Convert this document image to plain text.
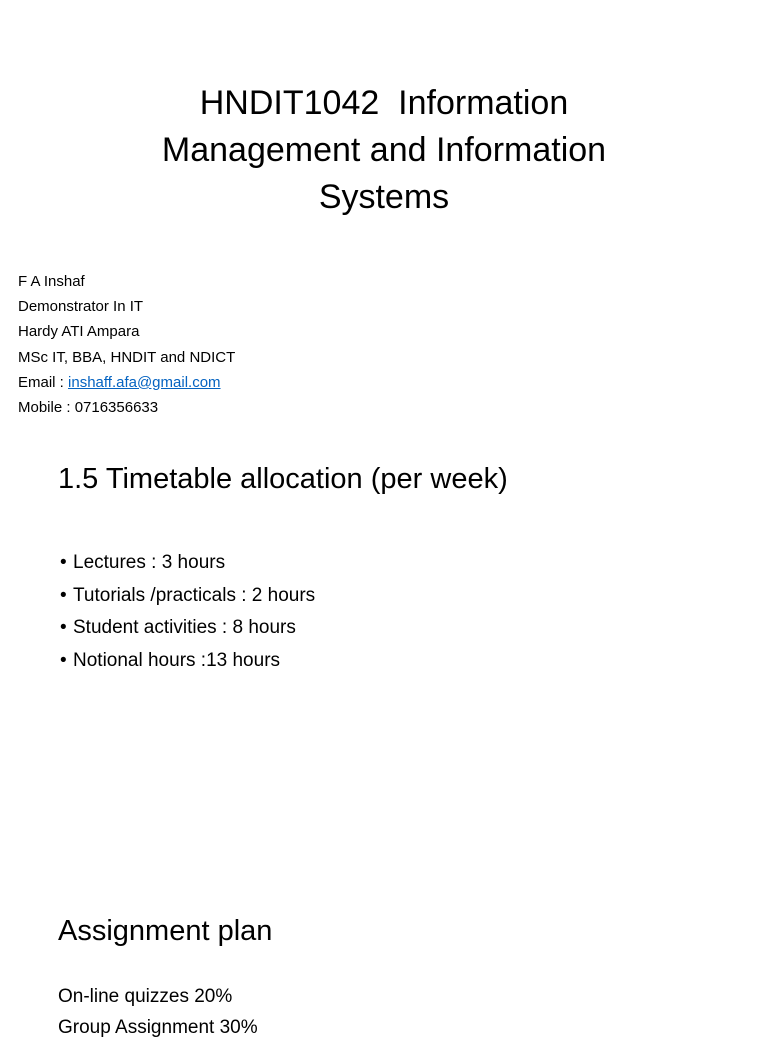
HNDIT1042  Information
Management and Information
Systems
F A Inshaf
Demonstrator In IT
Hardy ATI Ampara
MSc IT, BBA, HNDIT and NDICT
Email : inshaff.afa@gmail.com
Mobile : 0716356633
1.5 Timetable allocation (per week)
• Lectures : 3 hours
• Tutorials /practicals : 2 hours
• Student activities : 8 hours
• Notional hours :13 hours
Assignment plan
On-line quizzes 20%
Group Assignment 30%
